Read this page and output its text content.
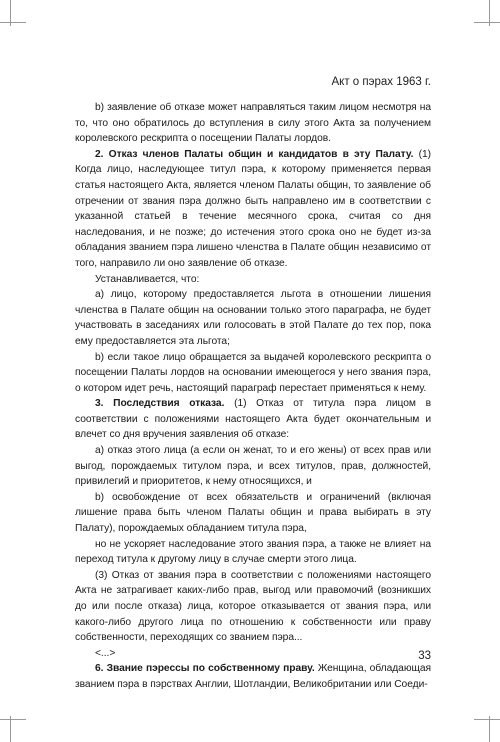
Акт о пэрах 1963 г.

b) заявление об отказе может направляться таким лицом несмотря на то, что оно обратилось до вступления в силу этого Акта за получением королевского рескрипта о посещении Палаты лордов.

2. Отказ членов Палаты общин и кандидатов в эту Палату. (1) Когда лицо, наследующее титул пэра, к которому применяется первая статья настоящего Акта, является членом Палаты общин, то заявление об отречении от звания пэра должно быть направлено им в соответствии с указанной статьей в течение месячного срока, считая со дня наследования, и не позже; до истечения этого срока оно не будет из-за обладания званием пэра лишено членства в Палате общин независимо от того, направило ли оно заявление об отказе.

Устанавливается, что:

а) лицо, которому предоставляется льгота в отношении лишения членства в Палате общин на основании только этого параграфа, не будет участвовать в заседаниях или голосовать в этой Палате до тех пор, пока ему предоставляется эта льгота;

b) если такое лицо обращается за выдачей королевского рескрипта о посещении Палаты лордов на основании имеющегося у него звания пэра, о котором идет речь, настоящий параграф перестает применяться к нему.

3. Последствия отказа. (1) Отказ от титула пэра лицом в соответствии с положениями настоящего Акта будет окончательным и влечет со дня вручения заявления об отказе:

а) отказ этого лица (а если он женат, то и его жены) от всех прав или выгод, порождаемых титулом пэра, и всех титулов, прав, должностей, привилегий и приоритетов, к нему относящихся, и

b) освобождение от всех обязательств и ограничений (включая лишение права быть членом Палаты общин и права выбирать в эту Палату), порождаемых обладанием титула пэра,

но не ускоряет наследование этого звания пэра, а также не влияет на переход титула к другому лицу в случае смерти этого лица.

(3) Отказ от звания пэра в соответствии с положениями настоящего Акта не затрагивает каких-либо прав, выгод или правомочий (возникших до или после отказа) лица, которое отказывается от звания пэра, или какого-либо другого лица по отношению к собственности или праву собственности, переходящих со званием пэра...

<...>

6. Звание пэрессы по собственному праву. Женщина, обладающая званием пэра в пэрствах Англии, Шотландии, Великобритании или Соеди-

33
